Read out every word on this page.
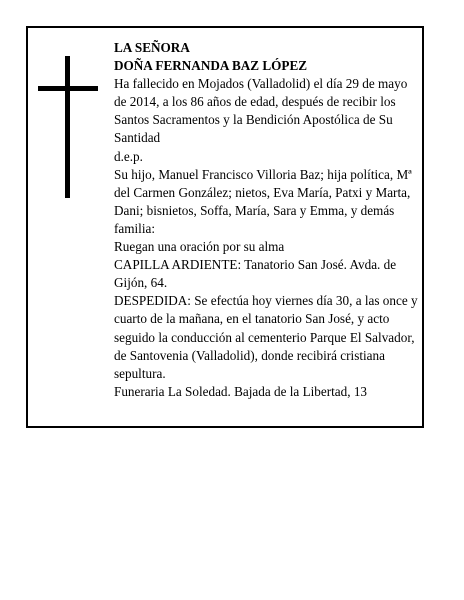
LA SEÑORA

DOÑA FERNANDA BAZ LÓPEZ

Ha fallecido en Mojados (Valladolid) el día 29 de mayo de 2014, a los 86 años de edad, después de recibir los Santos Sacramentos y la Bendición Apostólica de Su Santidad

d.e.p.

Su hijo, Manuel Francisco Villoria Baz; hija política, Mª del Carmen González; nietos, Eva María, Patxi y Marta, Dani; bisnietos, Soffa, María, Sara y Emma, y demás familia:

Ruegan una oración por su alma

CAPILLA ARDIENTE: Tanatorio San José. Avda. de Gijón, 64.

DESPEDIDA: Se efectúa hoy viernes día 30, a las once y cuarto de la mañana, en el tanatorio San José, y acto seguido la conducción al cementerio Parque El Salvador, de Santovenia (Valladolid), donde recibirá cristiana sepultura.

Funeraria La Soledad. Bajada de la Libertad, 13
